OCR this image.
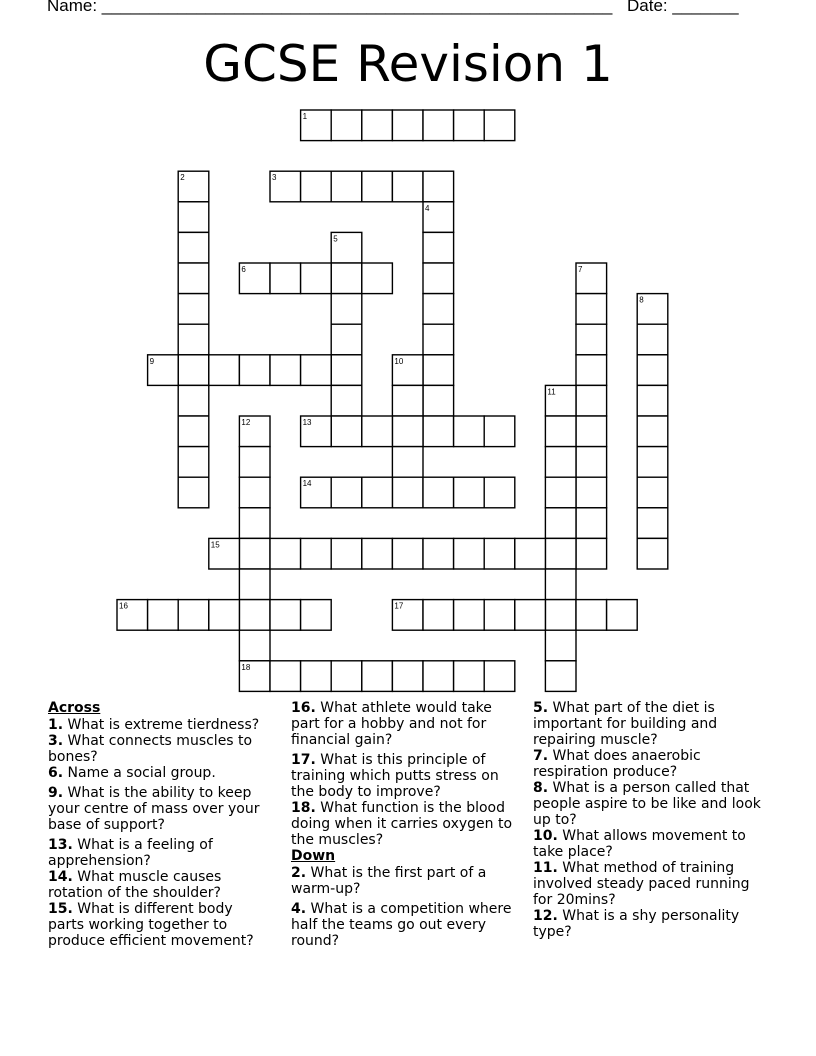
Name: ______________________________________________________ Date: _______
GCSE Revision 1
1
2	3
4
5
6	7
8
9	10
11
12	13
14
15
16	17
18
Across
1. What is extreme tierdness?
3. What connects muscles to bones?
6. Name a social group.
9. What is the ability to keep your centre of mass over your base of support?
13. What is a feeling of apprehension?
14. What muscle causes rotation of the shoulder?
15. What is different body parts working together to produce efficient movement?
16. What athlete would take part for a hobby and not for financial gain?
17. What is this principle of training which putts stress on the body to improve?
18. What function is the blood doing when it carries oxygen to the muscles?
Down
2. What is the first part of a warm-up?
4. What is a competition where half the teams go out every round?
5. What part of the diet is important for building and repairing muscle?
7. What does anaerobic respiration produce?
8. What is a person called that people aspire to be like and look up to?
10. What allows movement to take place?
11. What method of training involved steady paced running for 20mins?
12. What is a shy personality type?
